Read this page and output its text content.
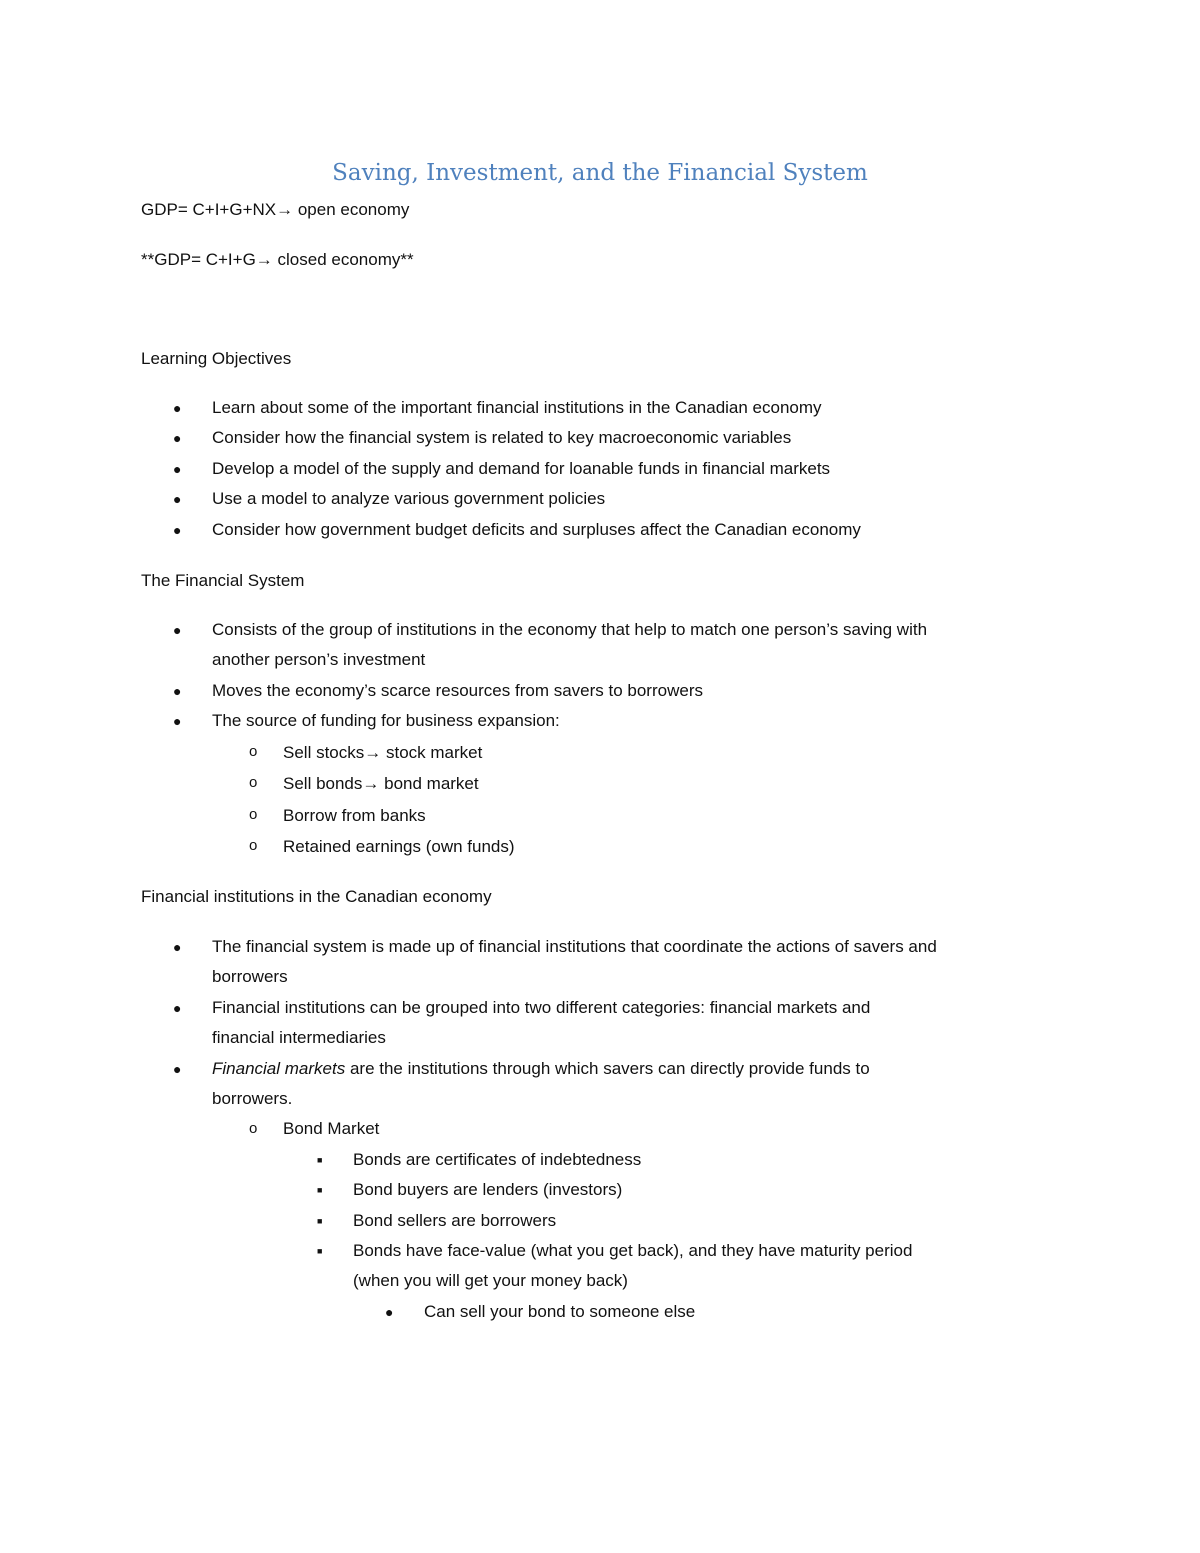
Saving, Investment, and the Financial System

GDP= C+I+G+NX→ open economy

**GDP= C+I+G→ closed economy**

Learning Objectives

● Learn about some of the important financial institutions in the Canadian economy
● Consider how the financial system is related to key macroeconomic variables
● Develop a model of the supply and demand for loanable funds in financial markets
● Use a model to analyze various government policies
● Consider how government budget deficits and surpluses affect the Canadian economy

The Financial System

● Consists of the group of institutions in the economy that help to match one person’s saving with
another person’s investment
● Moves the economy’s scarce resources from savers to borrowers
● The source of funding for business expansion:
o Sell stocks→ stock market
o Sell bonds→ bond market
o Borrow from banks
o Retained earnings (own funds)

Financial institutions in the Canadian economy

● The financial system is made up of financial institutions that coordinate the actions of savers and
borrowers
● Financial institutions can be grouped into two different categories: financial markets and
financial intermediaries
● Financial markets are the institutions through which savers can directly provide funds to
borrowers.
o Bond Market
■ Bonds are certificates of indebtedness
■ Bond buyers are lenders (investors)
■ Bond sellers are borrowers
■ Bonds have face-value (what you get back), and they have maturity period
(when you will get your money back)
● Can sell your bond to someone else
